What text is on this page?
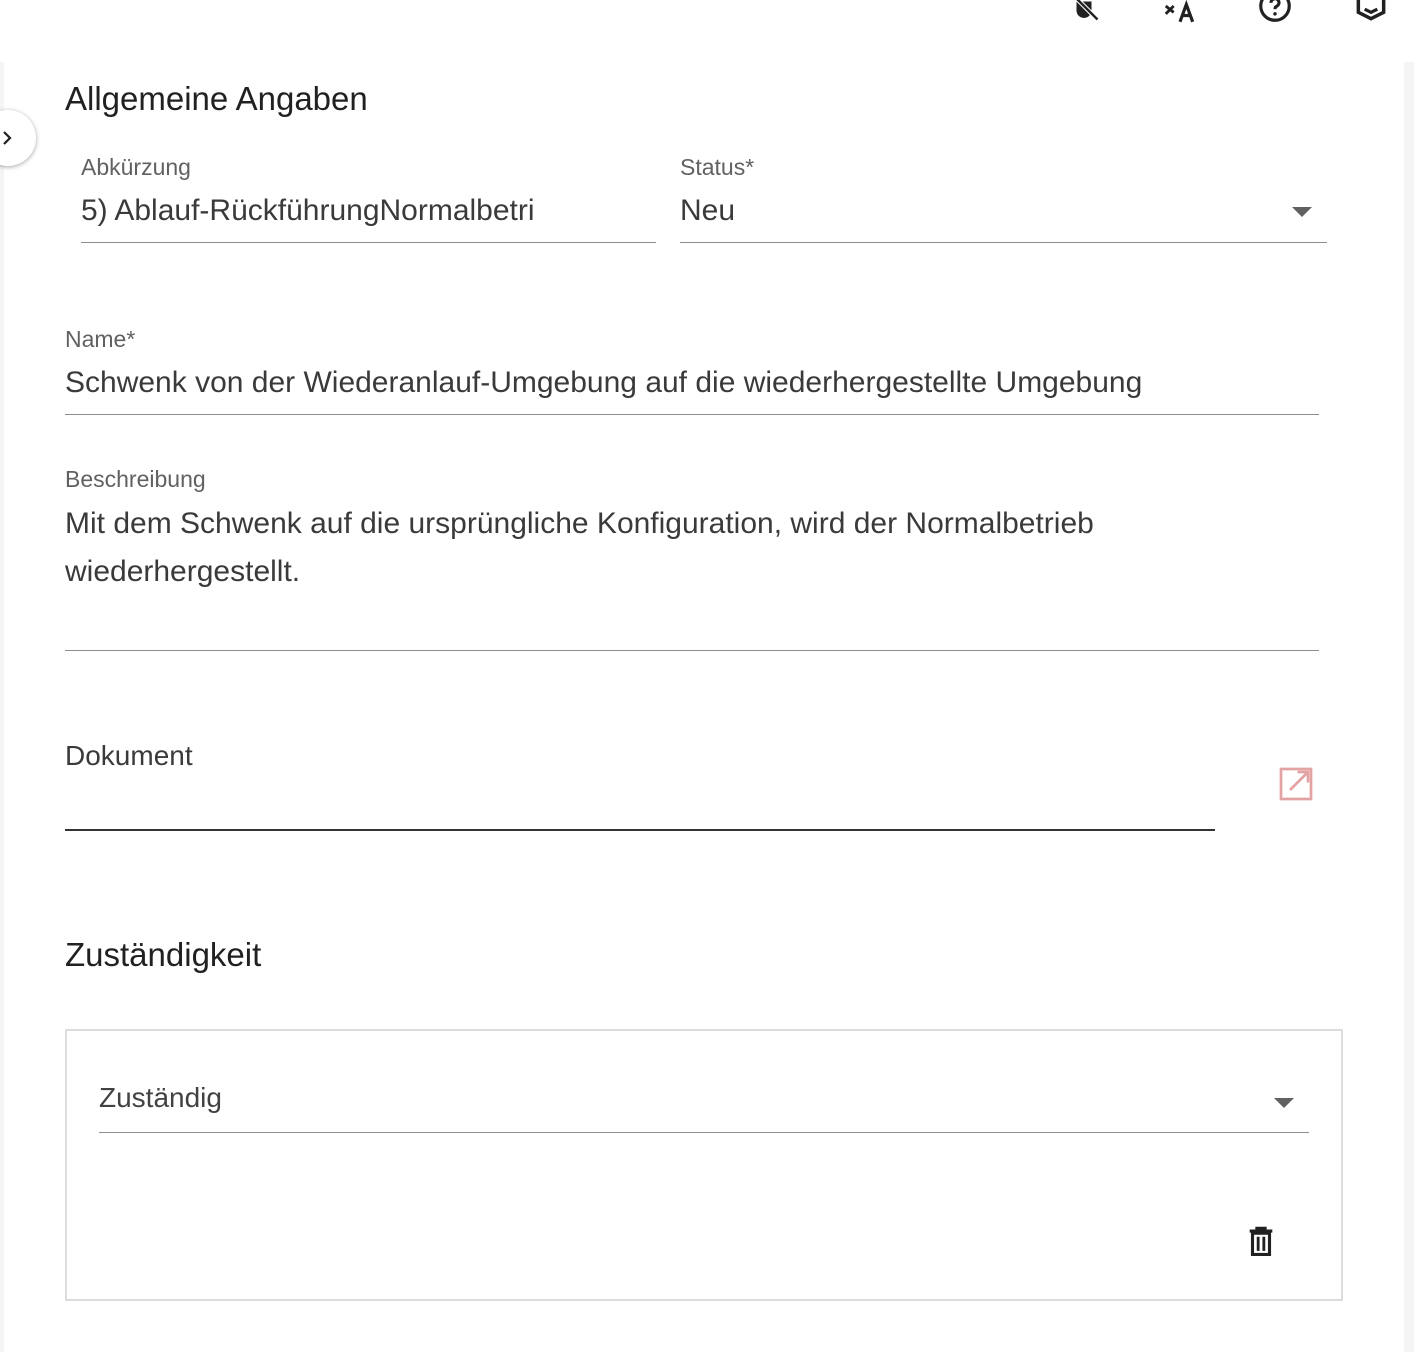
Allgemeine Angaben
Abkürzung
5) Ablauf-RückführungNormalbetri
Status*
Neu
Name*
Schwenk von der Wiederanlauf-Umgebung auf die wiederhergestellte Umgebung
Beschreibung
Mit dem Schwenk auf die ursprüngliche Konfiguration, wird der Normalbetrieb wiederhergestellt.
Dokument
Zuständigkeit
Zuständig
